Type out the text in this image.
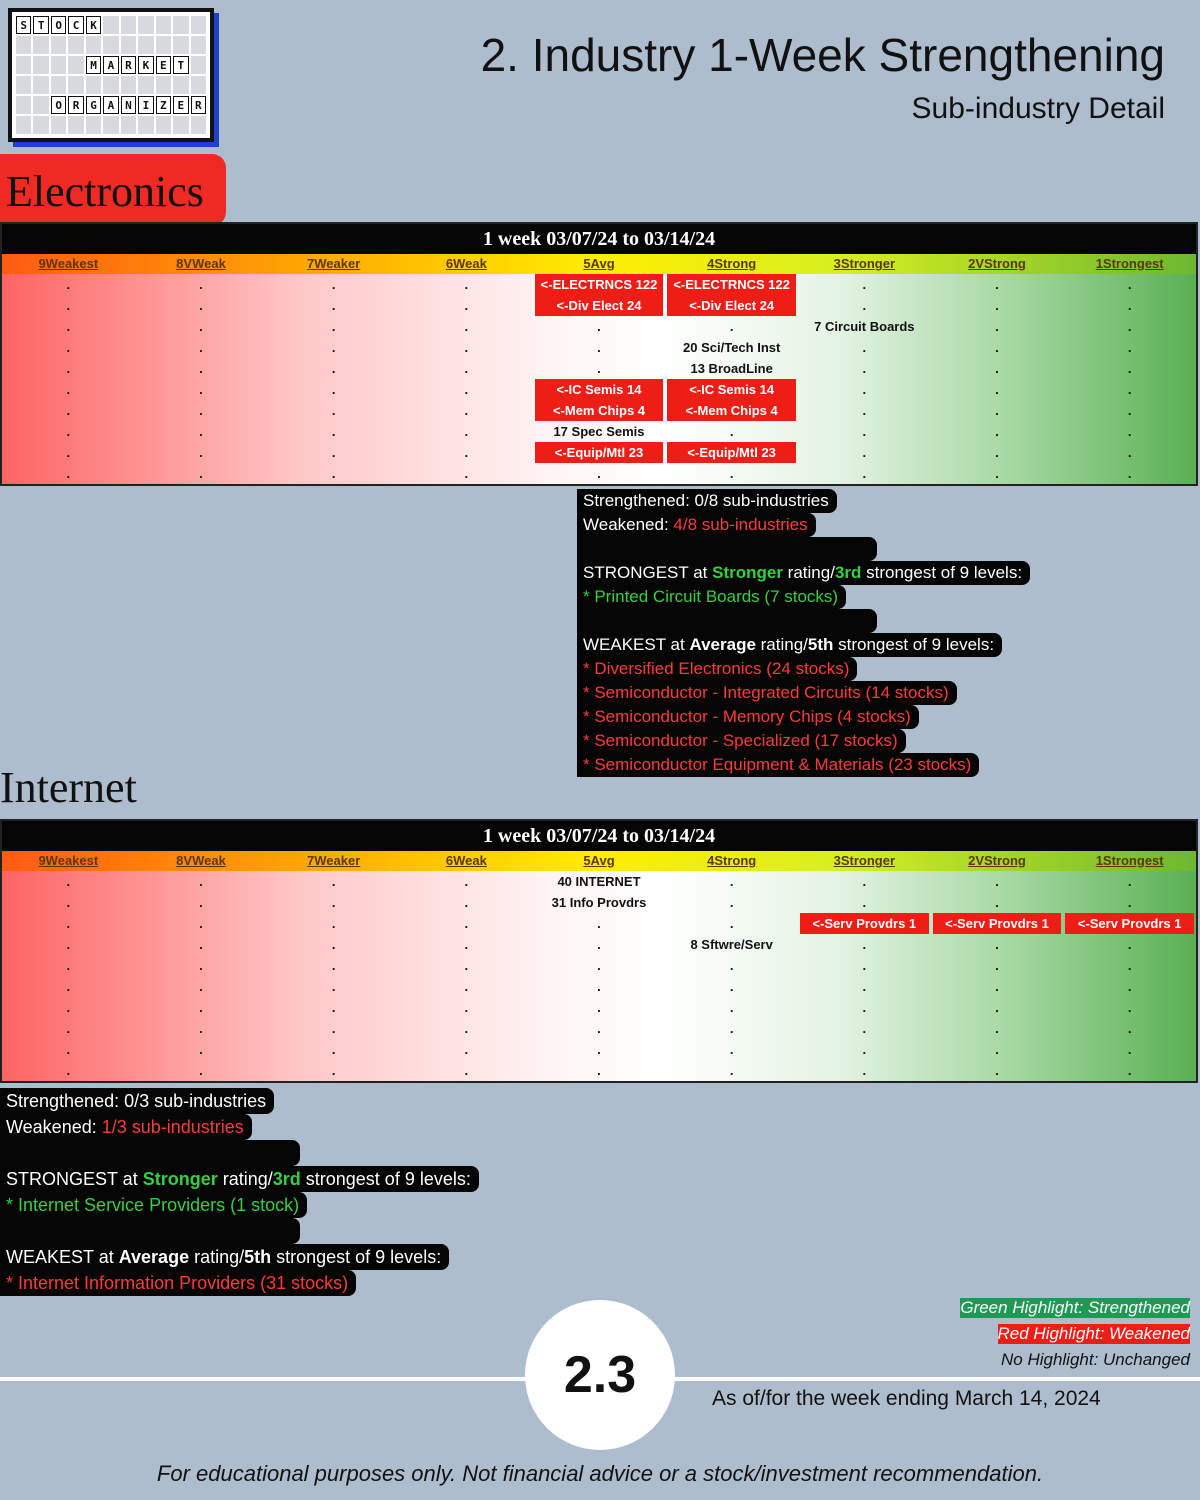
S T O C K
M A R K E T
O R G A N I Z E R
2. Industry 1-Week Strengthening
Sub-industry Detail
Electronics
1 week 03/07/24 to 03/14/24
9Weakest	8VWeak	7Weaker	6Weak	5Avg	4Strong	3Stronger	2VStrong	1Strongest
.	.	.	.	<-ELECTRNCS 122	<-ELECTRNCS 122	.	.	.
.	.	.	.	<-Div Elect 24	<-Div Elect 24	.	.	.
.	.	.	.	.	.	7 Circuit Boards	.	.
.	.	.	.	.	20 Sci/Tech Inst	.	.	.
.	.	.	.	.	13 BroadLine	.	.	.
.	.	.	.	<-IC Semis 14	<-IC Semis 14	.	.	.
.	.	.	.	<-Mem Chips 4	<-Mem Chips 4	.	.	.
.	.	.	.	17 Spec Semis	.	.	.	.
.	.	.	.	<-Equip/Mtl 23	<-Equip/Mtl 23	.	.	.
.	.	.	.	.	.	.	.	.
Strengthened: 0/8 sub-industries
Weakened: 4/8 sub-industries

STRONGEST at Stronger rating/3rd strongest of 9 levels:
* Printed Circuit Boards (7 stocks)

WEAKEST at Average rating/5th strongest of 9 levels:
* Diversified Electronics (24 stocks)
* Semiconductor - Integrated Circuits (14 stocks)
* Semiconductor - Memory Chips (4 stocks)
* Semiconductor - Specialized (17 stocks)
* Semiconductor Equipment & Materials (23 stocks)
Internet
1 week 03/07/24 to 03/14/24
9Weakest	8VWeak	7Weaker	6Weak	5Avg	4Strong	3Stronger	2VStrong	1Strongest
.	.	.	.	40 INTERNET	.	.	.	.
.	.	.	.	31 Info Provdrs	.	.	.	.
.	.	.	.	.	.	<-Serv Provdrs 1	<-Serv Provdrs 1	<-Serv Provdrs 1
.	.	.	.	.	8 Sftwre/Serv	.	.	.
.	.	.	.	.	.	.	.	.
.	.	.	.	.	.	.	.	.
.	.	.	.	.	.	.	.	.
.	.	.	.	.	.	.	.	.
.	.	.	.	.	.	.	.	.
.	.	.	.	.	.	.	.	.
Strengthened: 0/3 sub-industries
Weakened: 1/3 sub-industries

STRONGEST at Stronger rating/3rd strongest of 9 levels:
* Internet Service Providers (1 stock)

WEAKEST at Average rating/5th strongest of 9 levels:
* Internet Information Providers (31 stocks)
Green Highlight: Strengthened
Red Highlight: Weakened
No Highlight: Unchanged
2.3	As of/for the week ending March 14, 2024
For educational purposes only. Not financial advice or a stock/investment recommendation.
